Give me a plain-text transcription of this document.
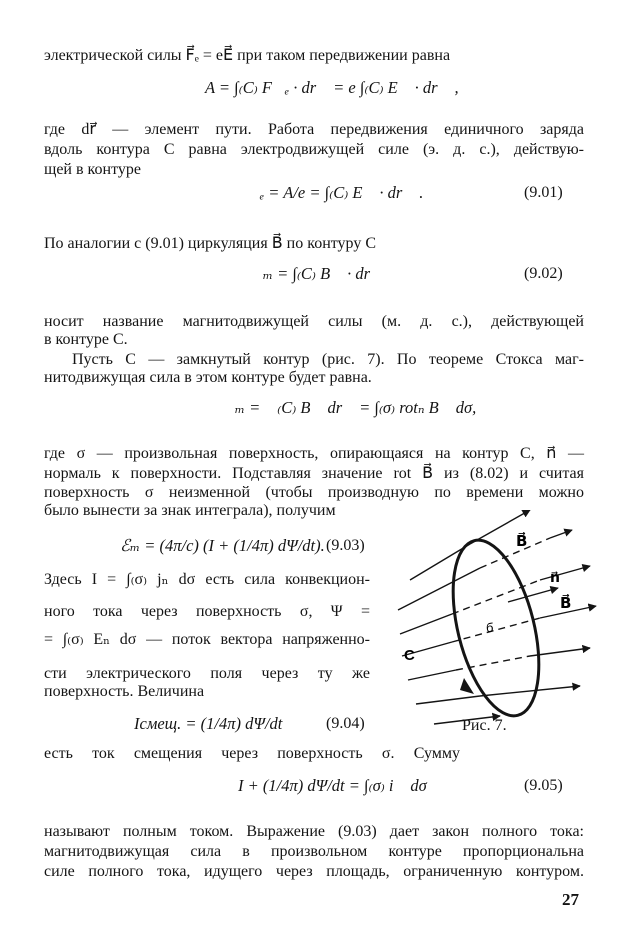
электрической силы F⃗ₑ = eE⃗ при таком передвижении равна
A = ∫₍C₎ F⃗ₑ · dr⃗ = e ∫₍C₎ E⃗ · dr⃗ ,
где dr⃗ — элемент пути. Работа передвижения единичного заряда
вдоль контура C равна электродвижущей силе (э. д. с.), действую-
щей в контуре
ℰₑ = A/e = ∫₍C₎ E⃗ · dr⃗ .	(9.01)
По аналогии с (9.01) циркуляция B⃗ по контуру C
ℰₘ = ∫₍C₎ B⃗ · dr⃗	(9.02)
носит название магнитодвижущей силы (м. д. с.), действующей
в контуре C.
Пусть C — замкнутый контур (рис. 7). По теореме Стокса маг-
нитодвижущая сила в этом контуре будет равна.
ℰₘ = ∮₍C₎ B⃗ dr⃗ = ∫₍σ₎ rotₙ B⃗ dσ,
где σ — произвольная поверхность, опирающаяся на контур C, n⃗ —
нормаль к поверхности. Подставляя значение rot B⃗ из (8.02) и считая
поверхность σ неизменной (чтобы производную по времени можно
было вынести за знак интеграла), получим
ℰₘ = (4π/c) (I + (1/4π) dΨ/dt). (9.03)
Здесь I = ∫₍σ₎ jₙ dσ есть сила конвекцион-
ного тока через поверхность σ, Ψ =
= ∫₍σ₎ Eₙ dσ — поток вектора напряженно-
сти электрического поля через ту же
поверхность. Величина
Iсмещ. = (1/4π) dΨ/dt	(9.04)
B⃗
n⃗
B⃗
б
C
Рис. 7.
есть ток смещения через поверхность σ. Сумму
I + (1/4π) dΨ/dt = ∫₍σ₎ i⃗ dσ⃗	(9.05)
называют полным током. Выражение (9.03) дает закон полного тока:
магнитодвижущая сила в произвольном контуре пропорциональна
силе полного тока, идущего через площадь, ограниченную контуром.
27
